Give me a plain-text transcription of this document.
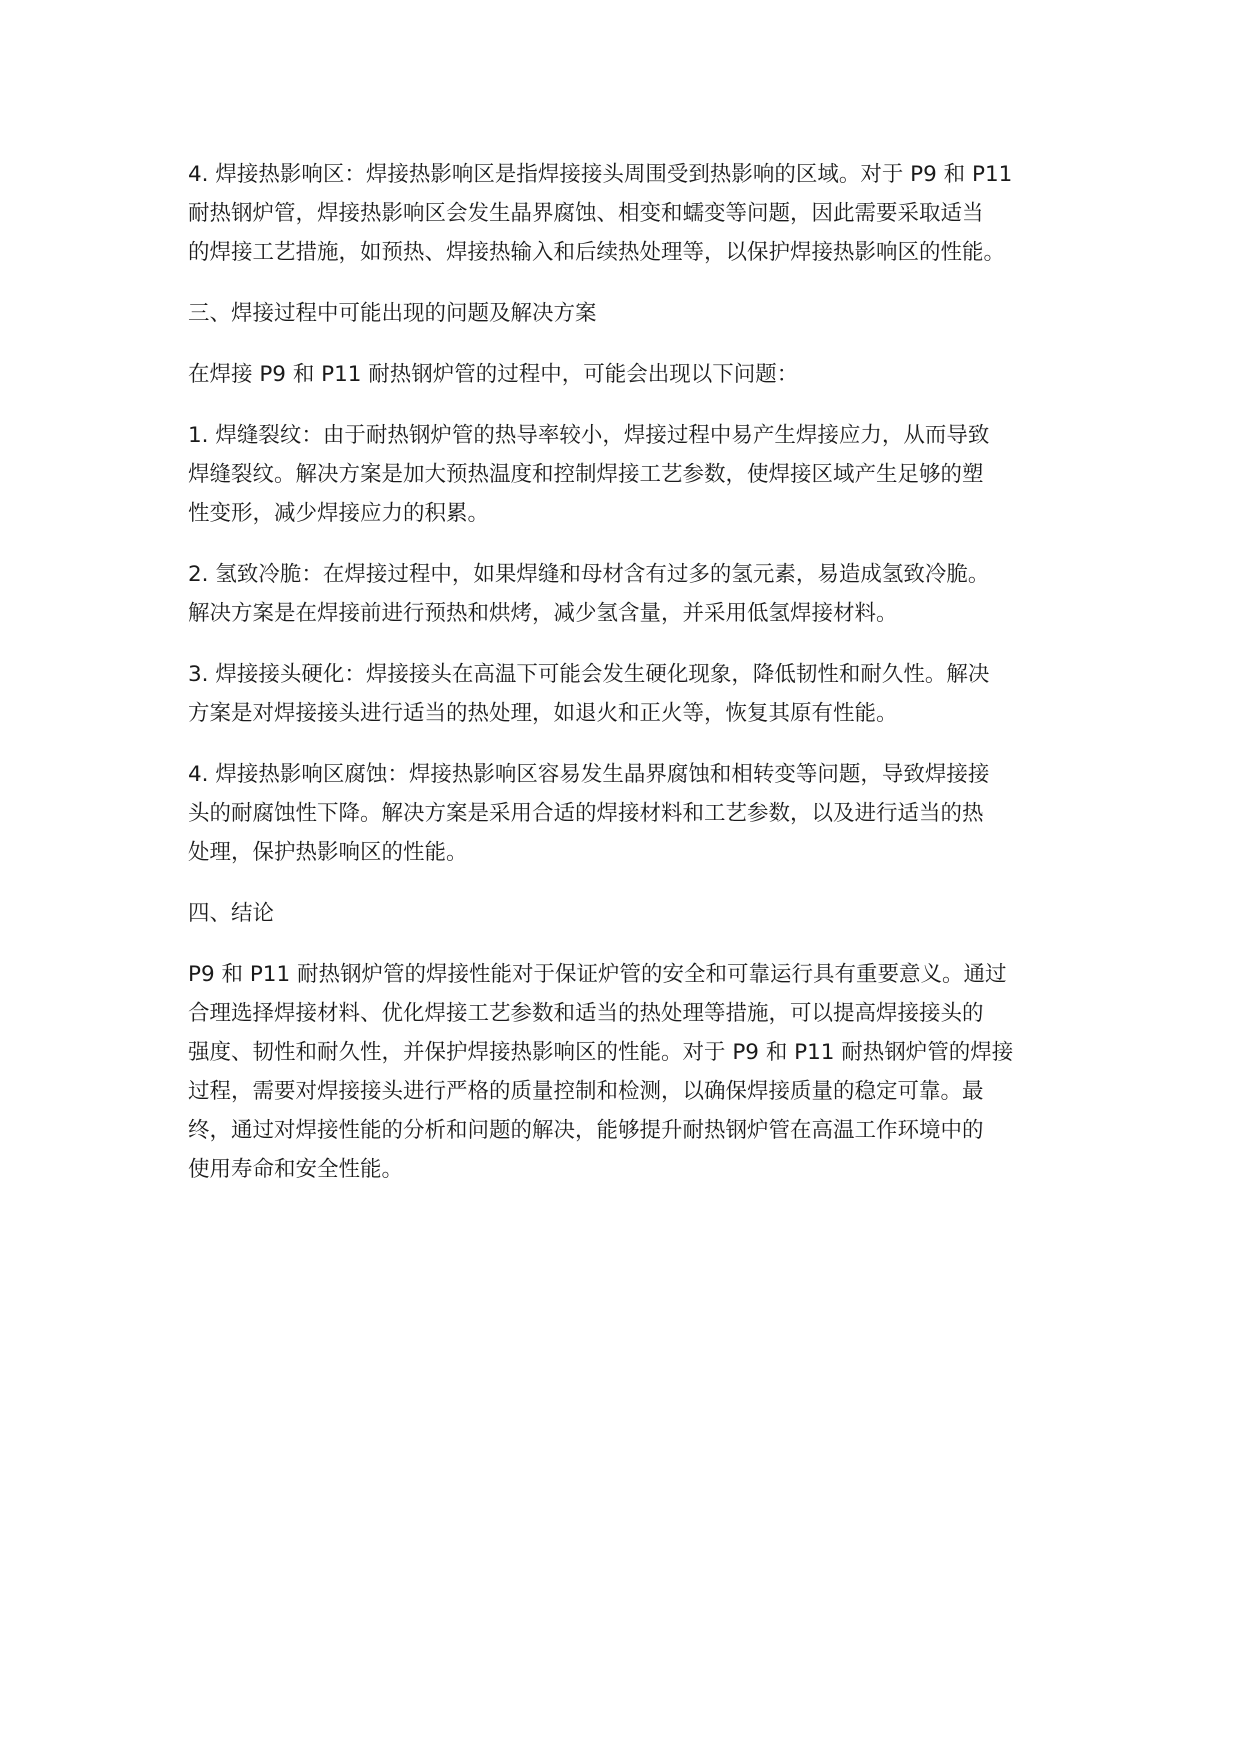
4. 焊接热影响区：焊接热影响区是指焊接接头周围受到热影响的区域。对于 P9 和 P11
耐热钢炉管，焊接热影响区会发生晶界腐蚀、相变和蠕变等问题，因此需要采取适当
的焊接工艺措施，如预热、焊接热输入和后续热处理等，以保护焊接热影响区的性能。

三、焊接过程中可能出现的问题及解决方案

在焊接 P9 和 P11 耐热钢炉管的过程中，可能会出现以下问题：

1. 焊缝裂纹：由于耐热钢炉管的热导率较小，焊接过程中易产生焊接应力，从而导致
焊缝裂纹。解决方案是加大预热温度和控制焊接工艺参数，使焊接区域产生足够的塑
性变形，减少焊接应力的积累。

2. 氢致冷脆：在焊接过程中，如果焊缝和母材含有过多的氢元素，易造成氢致冷脆。
解决方案是在焊接前进行预热和烘烤，减少氢含量，并采用低氢焊接材料。

3. 焊接接头硬化：焊接接头在高温下可能会发生硬化现象，降低韧性和耐久性。解决
方案是对焊接接头进行适当的热处理，如退火和正火等，恢复其原有性能。

4. 焊接热影响区腐蚀：焊接热影响区容易发生晶界腐蚀和相转变等问题，导致焊接接
头的耐腐蚀性下降。解决方案是采用合适的焊接材料和工艺参数，以及进行适当的热
处理，保护热影响区的性能。

四、结论

P9 和 P11 耐热钢炉管的焊接性能对于保证炉管的安全和可靠运行具有重要意义。通过
合理选择焊接材料、优化焊接工艺参数和适当的热处理等措施，可以提高焊接接头的
强度、韧性和耐久性，并保护焊接热影响区的性能。对于 P9 和 P11 耐热钢炉管的焊接
过程，需要对焊接接头进行严格的质量控制和检测，以确保焊接质量的稳定可靠。最
终，通过对焊接性能的分析和问题的解决，能够提升耐热钢炉管在高温工作环境中的
使用寿命和安全性能。
